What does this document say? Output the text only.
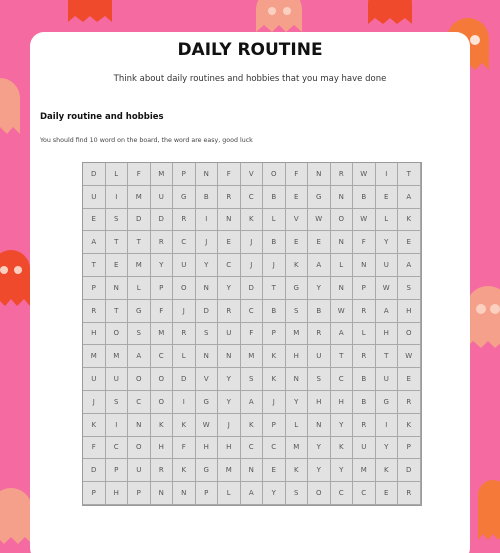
DAILY ROUTINE
Think about daily routines and hobbies that you may have done
Daily routine and hobbies
You should find 10 word on the board, the word are easy, good luck
D	L	F	M	P	N	F	V	O	F	N	R	W	I	T
U	I	M	U	G	B	R	C	B	E	G	N	B	E	A
E	S	D	D	R	I	N	K	L	V	W	O	W	L	K
A	T	T	R	C	J	E	J	B	E	E	N	F	Y	E
T	E	M	Y	U	Y	C	J	J	K	A	L	N	U	A
P	N	L	P	O	N	Y	D	T	G	Y	N	P	W	S
R	T	G	F	J	D	R	C	B	S	B	W	R	A	H
H	O	S	M	R	S	U	F	P	M	R	A	L	H	O
M	M	A	C	L	N	N	M	K	H	U	T	R	T	W
U	U	O	O	D	V	Y	S	K	N	S	C	B	U	E
J	S	C	O	I	G	Y	A	J	Y	H	H	B	G	R
K	I	N	K	K	W	J	K	P	L	N	Y	R	I	K
F	C	O	H	F	H	H	C	C	M	Y	K	U	Y	P
D	P	U	R	K	G	M	N	E	K	Y	Y	M	K	D
P	H	P	N	N	P	L	A	Y	S	O	C	C	E	R
